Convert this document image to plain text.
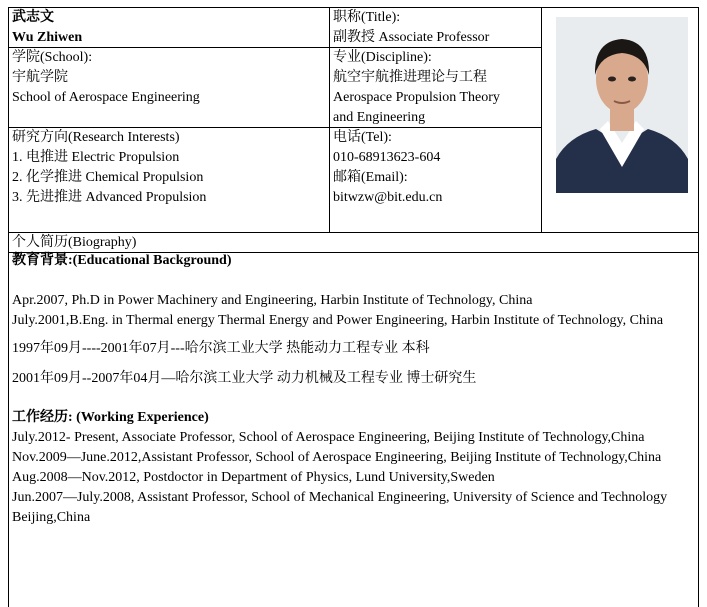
武志文
Wu Zhiwen
职称(Title):
副教授 Associate Professor
学院(School):
宇航学院
School of Aerospace Engineering
专业(Discipline):
航空宇航推进理论与工程
Aerospace Propulsion Theory
and Engineering
研究方向(Research Interests)
1. 电推进 Electric Propulsion
2. 化学推进 Chemical Propulsion
3. 先进推进 Advanced Propulsion
电话(Tel):
010-68913623-604
邮箱(Email):
bitwzw@bit.edu.cn
个人简历(Biography)
教育背景:(Educational Background)
Apr.2007, Ph.D in Power Machinery and Engineering, Harbin Institute of Technology, China
July.2001,B.Eng. in Thermal energy Thermal Energy and Power Engineering, Harbin Institute of Technology, China
1997年09月----2001年07月---哈尔滨工业大学 热能动力工程专业 本科
2001年09月--2007年04月—哈尔滨工业大学 动力机械及工程专业 博士研究生
工作经历: (Working Experience)
July.2012- Present, Associate Professor, School of Aerospace Engineering, Beijing Institute of Technology,China
Nov.2009—June.2012,Assistant Professor, School of Aerospace Engineering, Beijing Institute of Technology,China
Aug.2008—Nov.2012, Postdoctor in Department of Physics, Lund University,Sweden
Jun.2007—July.2008, Assistant Professor, School of Mechanical Engineering, University of Science and Technology Beijing,China
